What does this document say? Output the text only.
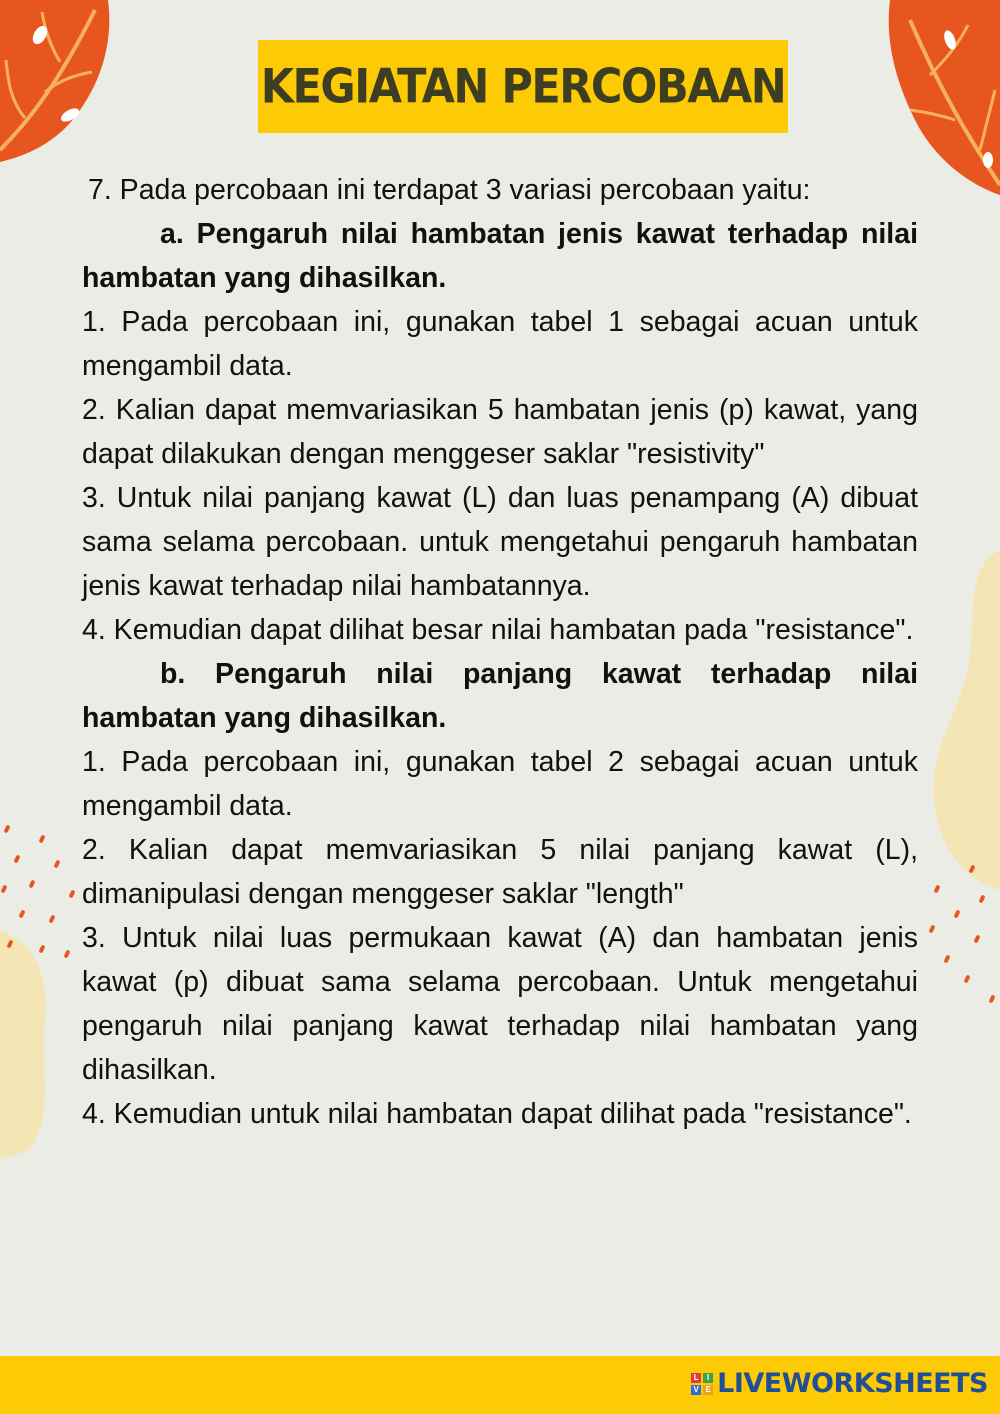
KEGIATAN PERCOBAAN

7. Pada percobaan ini terdapat 3 variasi percobaan yaitu:

a. Pengaruh nilai hambatan jenis kawat terhadap nilai hambatan yang dihasilkan.

1. Pada percobaan ini, gunakan tabel 1 sebagai acuan untuk mengambil data.

2. Kalian dapat memvariasikan 5 hambatan jenis (p) kawat, yang dapat dilakukan dengan menggeser saklar "resistivity"

3. Untuk nilai panjang kawat (L) dan luas penampang (A) dibuat sama selama percobaan. untuk mengetahui pengaruh hambatan jenis kawat terhadap nilai hambatannya.

4. Kemudian dapat dilihat besar nilai hambatan pada "resistance".

b. Pengaruh nilai panjang kawat terhadap nilai hambatan yang dihasilkan.

1. Pada percobaan ini, gunakan tabel 2 sebagai acuan untuk mengambil data.

2. Kalian dapat memvariasikan 5 nilai panjang kawat (L), dimanipulasi dengan menggeser saklar "length"

3. Untuk nilai luas permukaan kawat (A) dan hambatan jenis kawat (p) dibuat sama selama percobaan. Untuk mengetahui pengaruh nilai panjang kawat terhadap nilai hambatan yang dihasilkan.

4. Kemudian untuk nilai hambatan dapat dilihat pada "resistance".

L	I
V E LIVEWORKSHEETS
